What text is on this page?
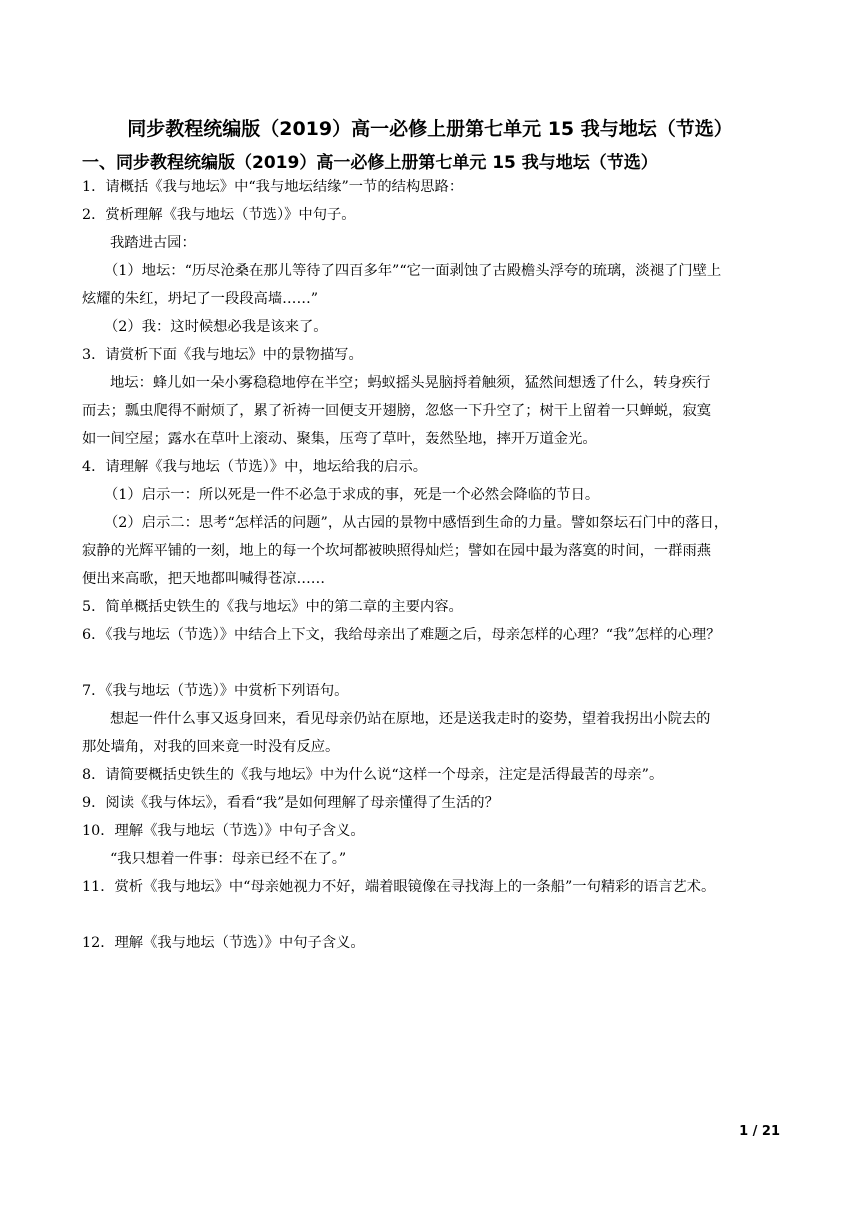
同步教程统编版（2019）高一必修上册第七单元 15 我与地坛（节选）
一、同步教程统编版（2019）高一必修上册第七单元 15 我与地坛（节选）
1．请概括《我与地坛》中“我与地坛结缘”一节的结构思路：
2．赏析理解《我与地坛（节选）》中句子。
我踏进古园：
（1）地坛：“历尽沧桑在那儿等待了四百多年”“它一面剥蚀了古殿檐头浮夸的琉璃，淡褪了门壁上
炫耀的朱红，坍圮了一段段高墙……”
（2）我：这时候想必我是该来了。
3．请赏析下面《我与地坛》中的景物描写。
地坛：蜂儿如一朵小雾稳稳地停在半空；蚂蚁摇头晃脑捋着触须，猛然间想透了什么，转身疾行
而去；瓢虫爬得不耐烦了，累了祈祷一回便支开翅膀，忽悠一下升空了；树干上留着一只蝉蜕，寂寞
如一间空屋；露水在草叶上滚动、聚集，压弯了草叶，轰然坠地，摔开万道金光。
4．请理解《我与地坛（节选）》中，地坛给我的启示。
（1）启示一：所以死是一件不必急于求成的事，死是一个必然会降临的节日。
（2）启示二：思考“怎样活的问题”，从古园的景物中感悟到生命的力量。譬如祭坛石门中的落日，
寂静的光辉平铺的一刻，地上的每一个坎坷都被映照得灿烂；譬如在园中最为落寞的时间，一群雨燕
便出来高歌，把天地都叫喊得苍凉……
5．简单概括史铁生的《我与地坛》中的第二章的主要内容。
6．《我与地坛（节选）》中结合上下文，我给母亲出了难题之后，母亲怎样的心理？“我”怎样的心理？
7．《我与地坛（节选）》中赏析下列语句。
想起一件什么事又返身回来，看见母亲仍站在原地，还是送我走时的姿势，望着我拐出小院去的
那处墙角，对我的回来竟一时没有反应。
8．请简要概括史铁生的《我与地坛》中为什么说“这样一个母亲，注定是活得最苦的母亲”。
9．阅读《我与体坛》，看看“我”是如何理解了母亲懂得了生活的？
10．理解《我与地坛（节选）》中句子含义。
“我只想着一件事：母亲已经不在了。”
11．赏析《我与地坛》中“母亲她视力不好，端着眼镜像在寻找海上的一条船”一句精彩的语言艺术。
12．理解《我与地坛（节选）》中句子含义。
1 / 21
